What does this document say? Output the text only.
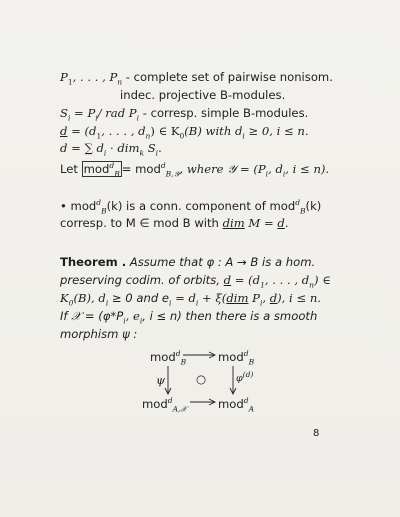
$P_1$, . . . , $P_n$ - complete set of pairwise nonisom.
indec. projective B-modules.
$S_i = P_i/$ rad $P_i$ - corresp. simple B-modules.
$d = (d_1$, . . . , $d_n$) ∈ $K_0(B)$ with $d_i \ge 0$, i ≤ n.
d = ∑ $d_i \cdot dim_k$ $S_i$.
Let mod$^d_B$ = mod$^d_{B,𝒴}$, where 𝒴 = ($P_i$, $d_i$, i ≤ n).
• mod$^d_B$(k) is a conn. component of mod$^d_B$(k)
corresp. to M ∈ mod B with dim M = d.
Theorem . Assume that φ : A → B is a hom.
preserving codim. of orbits, $d = (d_1$, . . . , $d_n$) ∈
$K_0(B)$, $d_i \ge 0$ and $e_i = d_i + \xi(dim$ $P_i$, d), i ≤ n.
If 𝒳 = ($\varphi*P_i$, $e_i$, i ≤ n) then there is a smooth
morphism ψ :
mod$^d_B$	mod$^d_B$
mod$^d_{A,𝒳}$	mod$^d_A$
ψ	○	$\varphi^{(d)}$
8
